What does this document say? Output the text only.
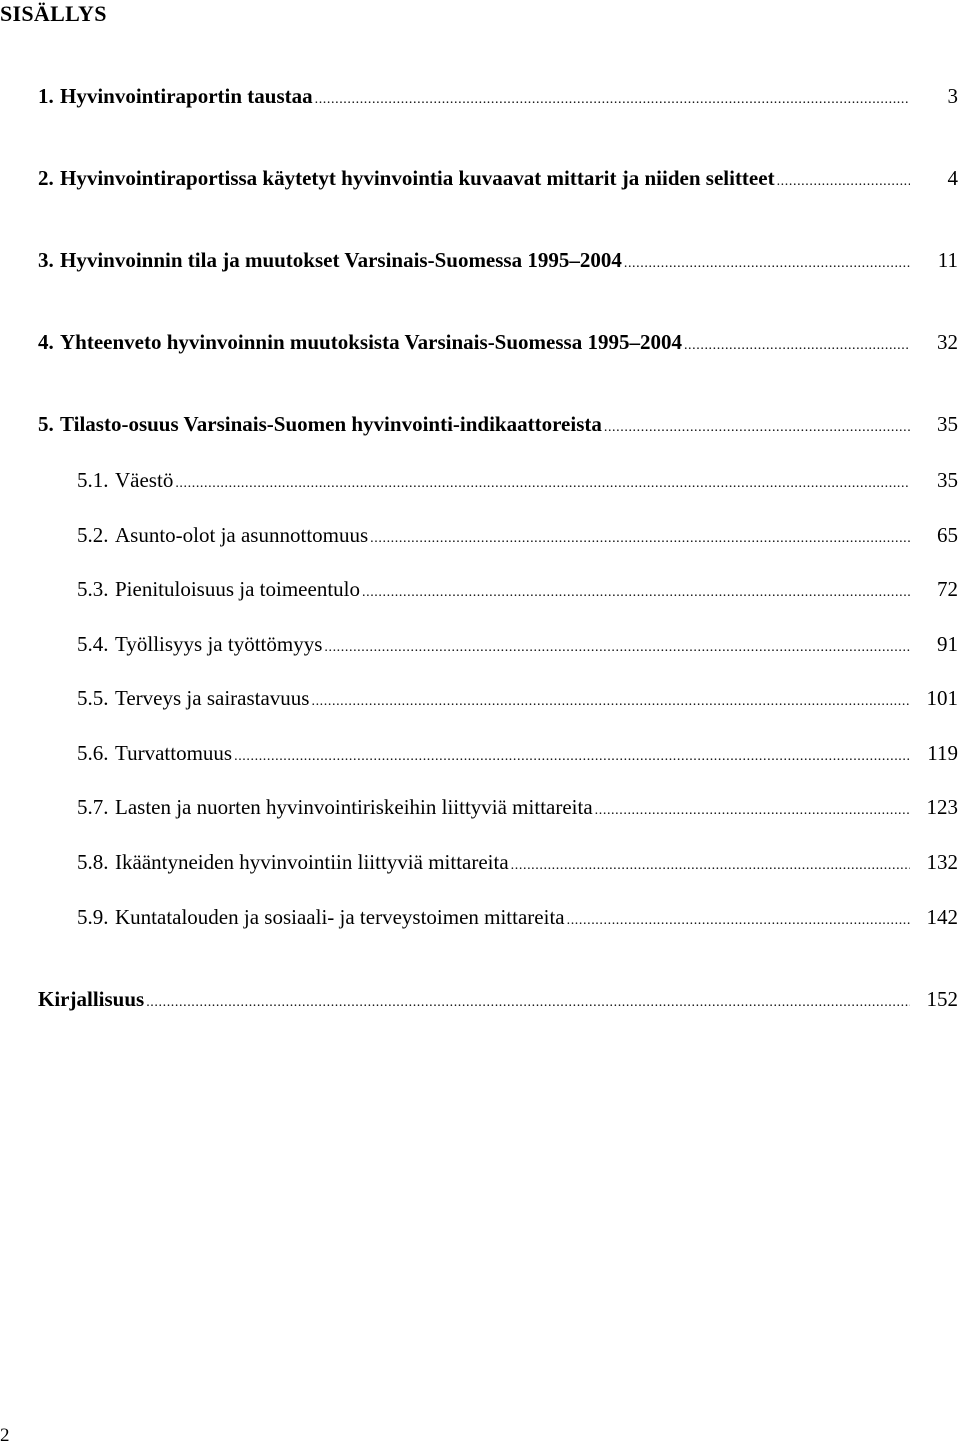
SISÄLLYS
1. Hyvinvointiraportin taustaa .....	3
2. Hyvinvointiraportissa käytetyt hyvinvointia kuvaavat mittarit ja niiden selitteet .....	4
3. Hyvinvoinnin tila ja muutokset Varsinais-Suomessa 1995–2004 .....	11
4. Yhteenveto hyvinvoinnin muutoksista Varsinais-Suomessa 1995–2004 .....	32
5. Tilasto-osuus Varsinais-Suomen hyvinvointi-indikaattoreista .....	35
5.1. Väestö .....	35
5.2. Asunto-olot ja asunnottomuus .....	65
5.3. Pienituloisuus ja toimeentulo .....	72
5.4. Työllisyys ja työttömyys .....	91
5.5. Terveys ja sairastavuus .....	101
5.6. Turvattomuus .....	119
5.7. Lasten ja nuorten hyvinvointiriskeihin liittyviä mittareita .....	123
5.8. Ikääntyneiden hyvinvointiin liittyviä mittareita .....	132
5.9. Kuntatalouden ja sosiaali- ja terveystoimen mittareita .....	142
Kirjallisuus .....	152
2
